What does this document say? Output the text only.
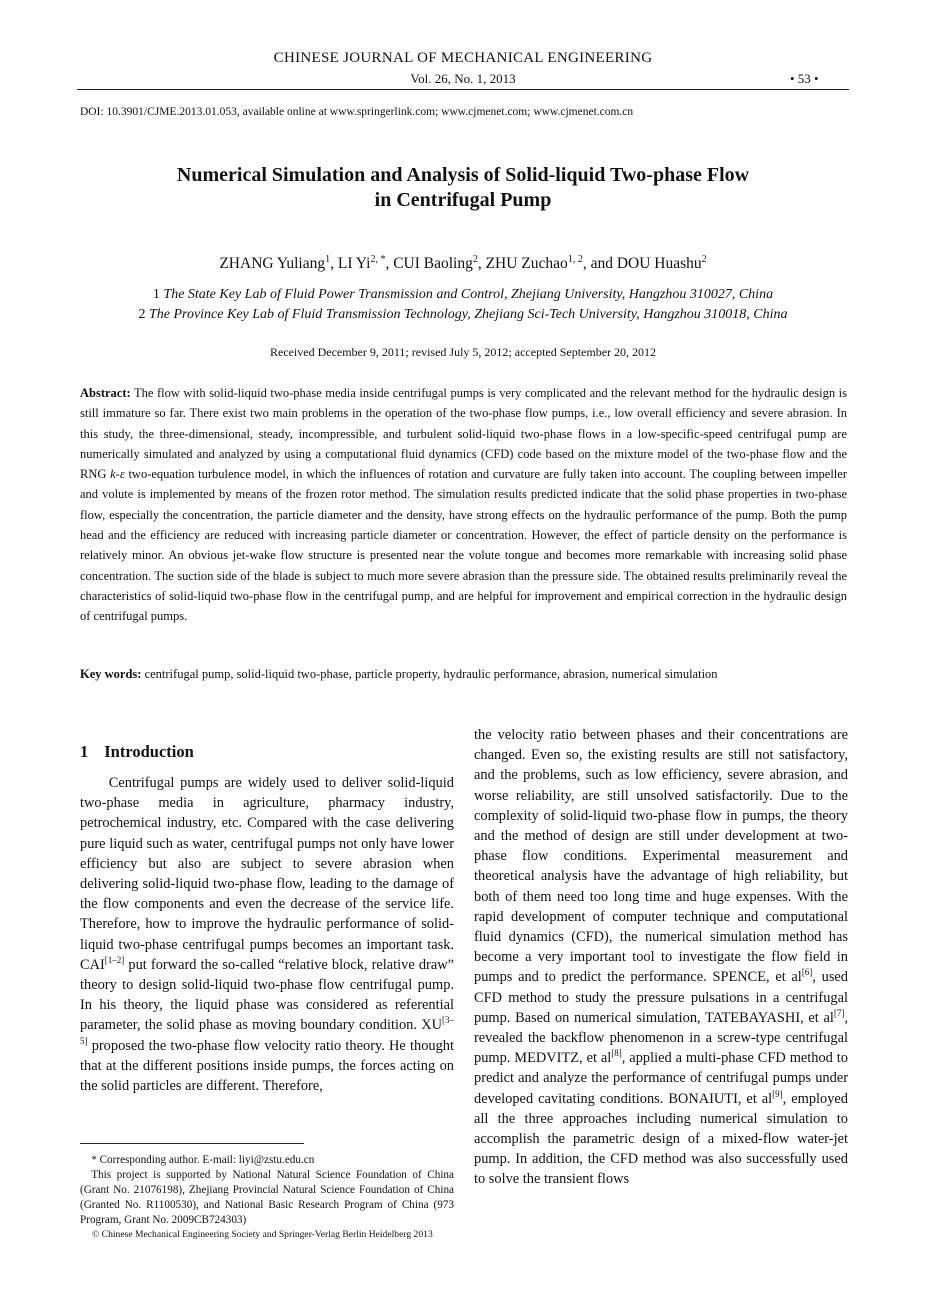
CHINESE JOURNAL OF MECHANICAL ENGINEERING
Vol. 26, No. 1, 2013	• 53 •
DOI: 10.3901/CJME.2013.01.053, available online at www.springerlink.com; www.cjmenet.com; www.cjmenet.com.cn
Numerical Simulation and Analysis of Solid-liquid Two-phase Flow
in Centrifugal Pump
ZHANG Yuliang$^1$, LI $Yi^{2, *}$, CUI Baoling$^2$, ZHU Zuchao$^{1, 2}$, and DOU Huashu$^2$
1 The State Key Lab of Fluid Power Transmission and Control, Zhejiang University, Hangzhou 310027, China
2 The Province Key Lab of Fluid Transmission Technology, Zhejiang Sci-Tech University, Hangzhou 310018, China
Received December 9, 2011; revised July 5, 2012; accepted September 20, 2012
Abstract: The flow with solid-liquid two-phase media inside centrifugal pumps is very complicated and the relevant method for the hydraulic design is still immature so far. There exist two main problems in the operation of the two-phase flow pumps, i.e., low overall efficiency and severe abrasion. In this study, the three-dimensional, steady, incompressible, and turbulent solid-liquid two-phase flows in a low-specific-speed centrifugal pump are numerically simulated and analyzed by using a computational fluid dynamics (CFD) code based on the mixture model of the two-phase flow and the RNG k-ε two-equation turbulence model, in which the influences of rotation and curvature are fully taken into account. The coupling between impeller and volute is implemented by means of the frozen rotor method. The simulation results predicted indicate that the solid phase properties in two-phase flow, especially the concentration, the particle diameter and the density, have strong effects on the hydraulic performance of the pump. Both the pump head and the efficiency are reduced with increasing particle diameter or concentration. However, the effect of particle density on the performance is relatively minor. An obvious jet-wake flow structure is presented near the volute tongue and becomes more remarkable with increasing solid phase concentration. The suction side of the blade is subject to much more severe abrasion than the pressure side. The obtained results preliminarily reveal the characteristics of solid-liquid two-phase flow in the centrifugal pump, and are helpful for improvement and empirical correction in the hydraulic design of centrifugal pumps.
Key words: centrifugal pump, solid-liquid two-phase, particle property, hydraulic performance, abrasion, numerical simulation
1 Introduction

Centrifugal pumps are widely used to deliver solid-liquid two-phase media in agriculture, pharmacy industry, petrochemical industry, etc. Compared with the case delivering pure liquid such as water, centrifugal pumps not only have lower efficiency but also are subject to severe abrasion when delivering solid-liquid two-phase flow, leading to the damage of the flow components and even the decrease of the service life. Therefore, how to improve the hydraulic performance of solid-liquid two-phase centrifugal pumps becomes an important task. CAI[1–2] put forward the so-called “relative block, relative draw” theory to design solid-liquid two-phase flow centrifugal pump. In his theory, the liquid phase was considered as referential parameter, the solid phase as moving boundary condition. XU[3–5] proposed the two-phase flow velocity ratio theory. He thought that at the different positions inside pumps, the forces acting on the solid particles are different. Therefore,

the velocity ratio between phases and their concentrations are changed. Even so, the existing results are still not satisfactory, and the problems, such as low efficiency, severe abrasion, and worse reliability, are still unsolved satisfactorily. Due to the complexity of solid-liquid two-phase flow in pumps, the theory and the method of design are still under development at two-phase flow conditions. Experimental measurement and theoretical analysis have the advantage of high reliability, but both of them need too long time and huge expenses. With the rapid development of computer technique and computational fluid dynamics (CFD), the numerical simulation method has become a very important tool to investigate the flow field in pumps and to predict the performance. SPENCE, et al[6], used CFD method to study the pressure pulsations in a centrifugal pump. Based on numerical simulation, TATEBAYASHI, et al[7], revealed the backflow phenomenon in a screw-type centrifugal pump. MEDVITZ, et al[8], applied a multi-phase CFD method to predict and analyze the performance of centrifugal pumps under developed cavitating conditions. BONAIUTI, et al[9], employed all the three approaches including numerical simulation to accomplish the parametric design of a mixed-flow water-jet pump. In addition, the CFD method was also successfully used to solve the transient flows

* Corresponding author. E-mail: liyi@zstu.edu.cn
This project is supported by National Natural Science Foundation of China (Grant No. 21076198), Zhejiang Provincial Natural Science Foundation of China (Granted No. R1100530), and National Basic Research Program of China (973 Program, Grant No. 2009CB724303)
© Chinese Mechanical Engineering Society and Springer-Verlag Berlin Heidelberg 2013
